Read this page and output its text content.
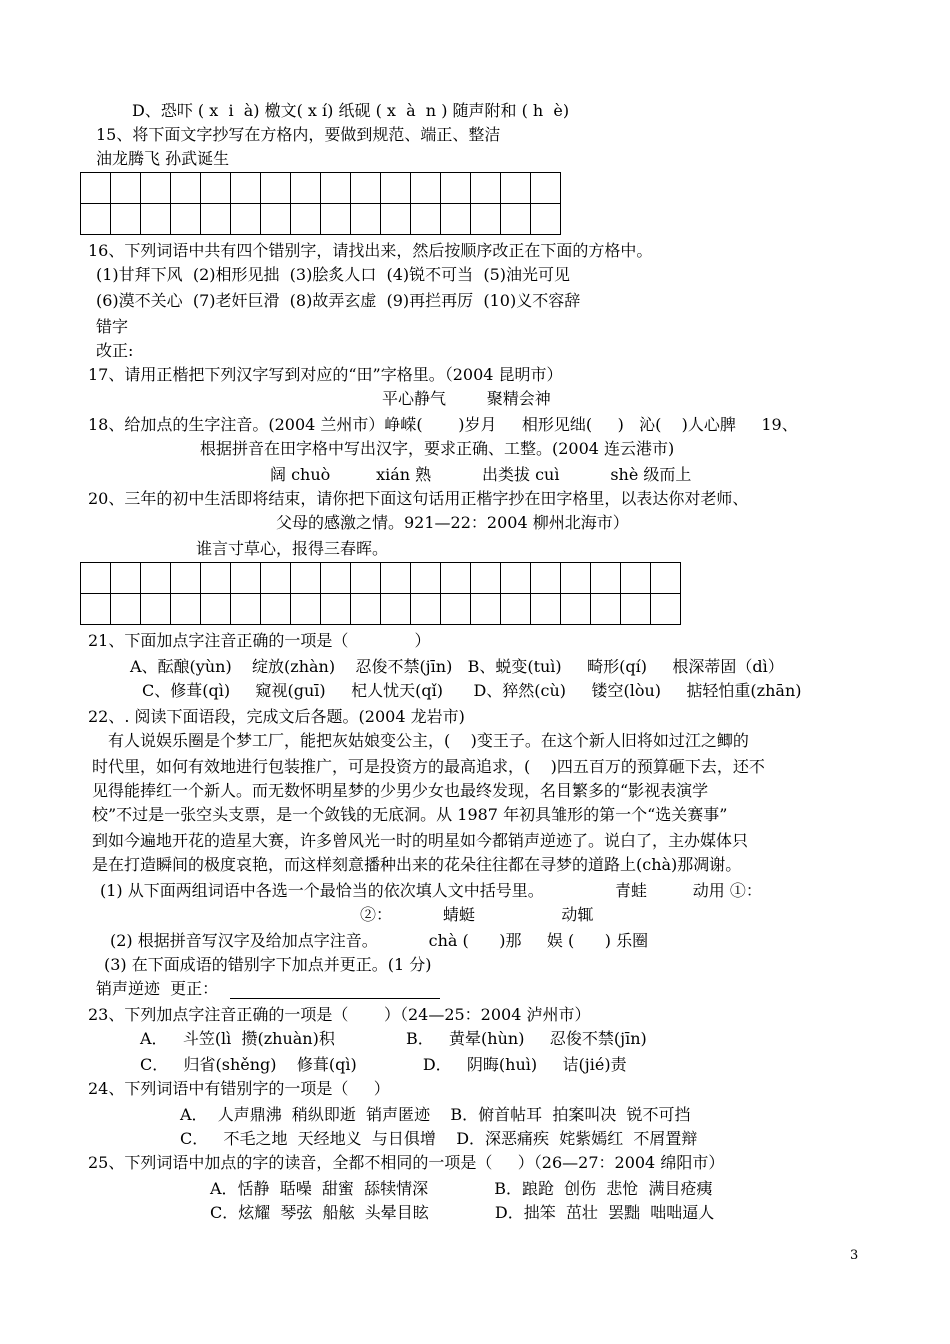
D、恐吓 ( x  i  à) 檄文( x í) 纸砚 ( x  à  n ) 随声附和 ( h  è)
15、将下面文字抄写在方格内，要做到规范、端正、整洁
油龙腾飞 孙武诞生

16、下列词语中共有四个错别字，请找出来，然后按顺序改正在下面的方格中。
(1)甘拜下风  (2)相形见拙  (3)脍炙人口  (4)锐不可当  (5)油光可见
(6)漠不关心  (7)老奸巨滑  (8)故弄玄虚  (9)再拦再厉  (10)义不容辞
错字
改正:
17、请用正楷把下列汉字写到对应的“田”字格里。（2004 昆明市）
平心静气        聚精会神
18、给加点的生字注音。(2004 兰州市）峥嵘(       )岁月     相形见绌(     )   沁(    )人心脾     19、
根据拼音在田字格中写出汉字，要求正确、工整。(2004 连云港市)
阔 chuò         xián 熟          出类拔 cuì          shè 级而上
20、三年的初中生活即将结束，请你把下面这句话用正楷字抄在田字格里，以表达你对老师、
父母的感激之情。921—22：2004 柳州北海市）
谁言寸草心，报得三春晖。

21、下面加点字注音正确的一项是（             ）
A、酝酿(yùn)    绽放(zhàn)    忍俊不禁(jīn)   B、蜕变(tuì)     畸形(qí)     根深蒂固（dì）
C、修葺(qì)     窥视(guī)     杞人忧天(qǐ)      D、猝然(cù)     镂空(lòu)     掂轻怕重(zhān)
22、. 阅读下面语段，完成文后各题。(2004 龙岩市)
有人说娱乐圈是个梦工厂，能把灰姑娘变公主，(    )变王子。在这个新人旧将如过江之鲫的
时代里，如何有效地进行包装推广，可是投资方的最高追求，(    )四五百万的预算砸下去，还不
见得能捧红一个新人。而无数怀明星梦的少男少女也最终发现，名目繁多的“影视表演学
校”不过是一张空头支票，是一个敛钱的无底洞。从 1987 年初具雏形的第一个“选关赛事”
到如今遍地开花的造星大赛，许多曾风光一时的明星如今都销声逆迹了。说白了，主办媒体只
是在打造瞬间的极度哀艳，而这样刻意播种出来的花朵往往都在寻梦的道路上(chà)那凋谢。
(1) 从下面两组词语中各选一个最恰当的依次填人文中括号里。              青蛙         动用 ①：
②：          蜻蜓                 动辄
(2) 根据拼音写汉字及给加点字注音。          chà (      )那     娱 (      ) 乐圈
(3) 在下面成语的错别字下加点并更正。(1 分)
销声逆迹  更正：
23、下列加点字注音正确的一项是（       ）（24—25：2004 泸州市）
A．   斗笠(lì  攒(zhuàn)积              B．   黄晕(hùn)     忍俊不禁(jīn)
C．   归省(shěng)    修葺(qì)             D．   阴晦(huì)     诘(jié)责
24、下列词语中有错别字的一项是（     ）
A．  人声鼎沸  稍纵即逝  销声匿迹    B．俯首帖耳  拍案叫决  锐不可挡
C．   不毛之地  天经地义  与日俱增    D．深恶痛疾  姹紫嫣红  不屑置辩
25、下列词语中加点的字的读音，全都不相同的一项是（     ）（26—27：2004 绵阳市）
A．恬静  聒噪  甜蜜  舔犊情深             B．踉跄  创伤  悲怆  满目疮痍
C．炫耀  琴弦  船舷  头晕目眩             D．拙笨  茁壮  罢黜  咄咄逼人
3
